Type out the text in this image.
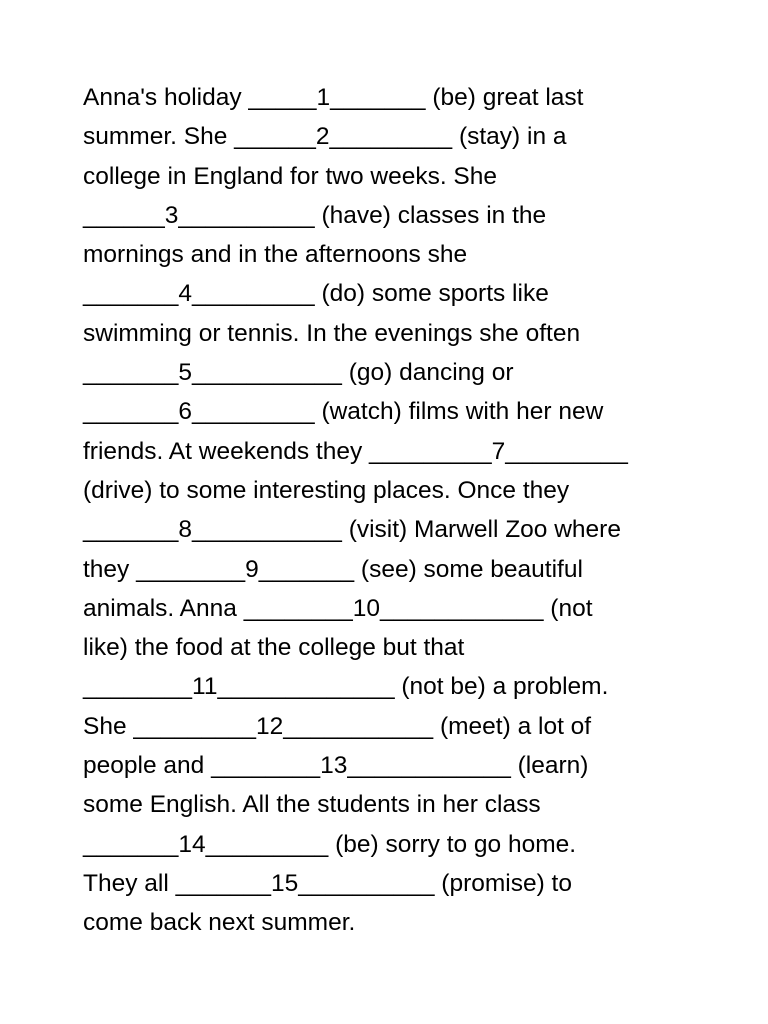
Anna's holiday _____1_______ (be) great last
summer. She ______2_________ (stay) in a
college in England for two weeks. She
______3__________ (have) classes in the
mornings and in the afternoons she
_______4_________ (do) some sports like
swimming or tennis. In the evenings she often
_______5___________ (go) dancing or
_______6_________ (watch) films with her new
friends. At weekends they _________7_________
(drive) to some interesting places. Once they
_______8___________ (visit) Marwell Zoo where
they ________9_______ (see) some beautiful
animals. Anna ________10____________ (not
like) the food at the college but that
________11_____________ (not be) a problem.
She _________12___________ (meet) a lot of
people and ________13____________ (learn)
some English. All the students in her class
_______14_________ (be) sorry to go home.
They all _______15__________ (promise) to
come back next summer.
